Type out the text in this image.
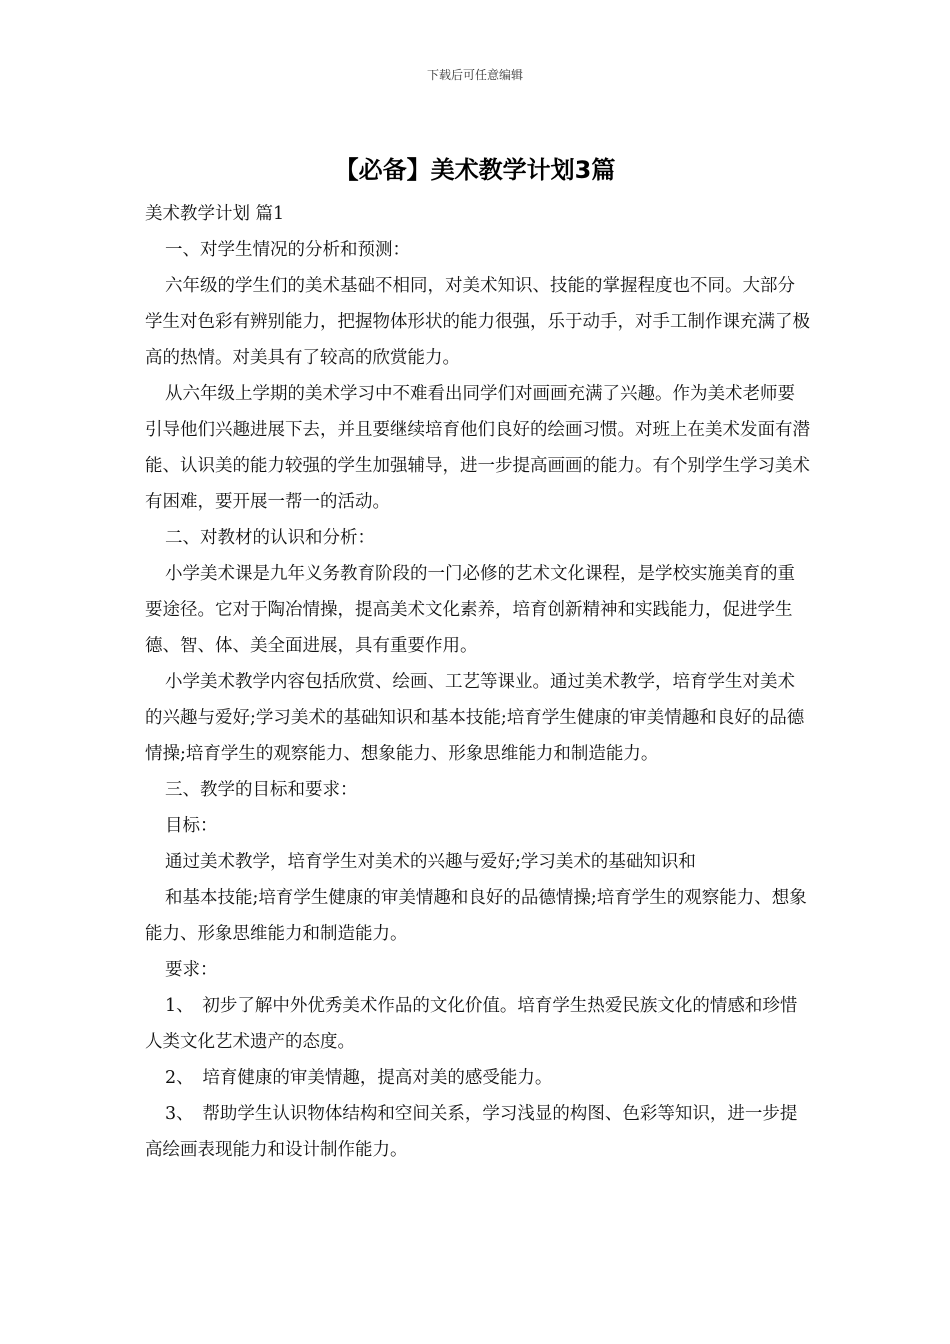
下载后可任意编辑
【必备】美术教学计划3篇

美术教学计划 篇1

一、对学生情况的分析和预测：

六年级的学生们的美术基础不相同，对美术知识、技能的掌握程度也不同。大部分学生对色彩有辨别能力，把握物体形状的能力很强，乐于动手，对手工制作课充满了极高的热情。对美具有了较高的欣赏能力。

从六年级上学期的美术学习中不难看出同学们对画画充满了兴趣。作为美术老师要引导他们兴趣进展下去，并且要继续培育他们良好的绘画习惯。对班上在美术发面有潜能、认识美的能力较强的学生加强辅导，进一步提高画画的能力。有个别学生学习美术有困难，要开展一帮一的活动。

二、对教材的认识和分析：

小学美术课是九年义务教育阶段的一门必修的艺术文化课程，是学校实施美育的重要途径。它对于陶冶情操，提高美术文化素养，培育创新精神和实践能力，促进学生德、智、体、美全面进展，具有重要作用。

小学美术教学内容包括欣赏、绘画、工艺等课业。通过美术教学，培育学生对美术的兴趣与爱好;学习美术的基础知识和基本技能;培育学生健康的审美情趣和良好的品德情操;培育学生的观察能力、想象能力、形象思维能力和制造能力。

三、教学的目标和要求：

目标：

通过美术教学，培育学生对美术的兴趣与爱好;学习美术的基础知识和

和基本技能;培育学生健康的审美情趣和良好的品德情操;培育学生的观察能力、想象能力、形象思维能力和制造能力。

要求：

1、　初步了解中外优秀美术作品的文化价值。培育学生热爱民族文化的情感和珍惜人类文化艺术遗产的态度。

2、　培育健康的审美情趣，提高对美的感受能力。

3、　帮助学生认识物体结构和空间关系，学习浅显的构图、色彩等知识，进一步提高绘画表现能力和设计制作能力。
